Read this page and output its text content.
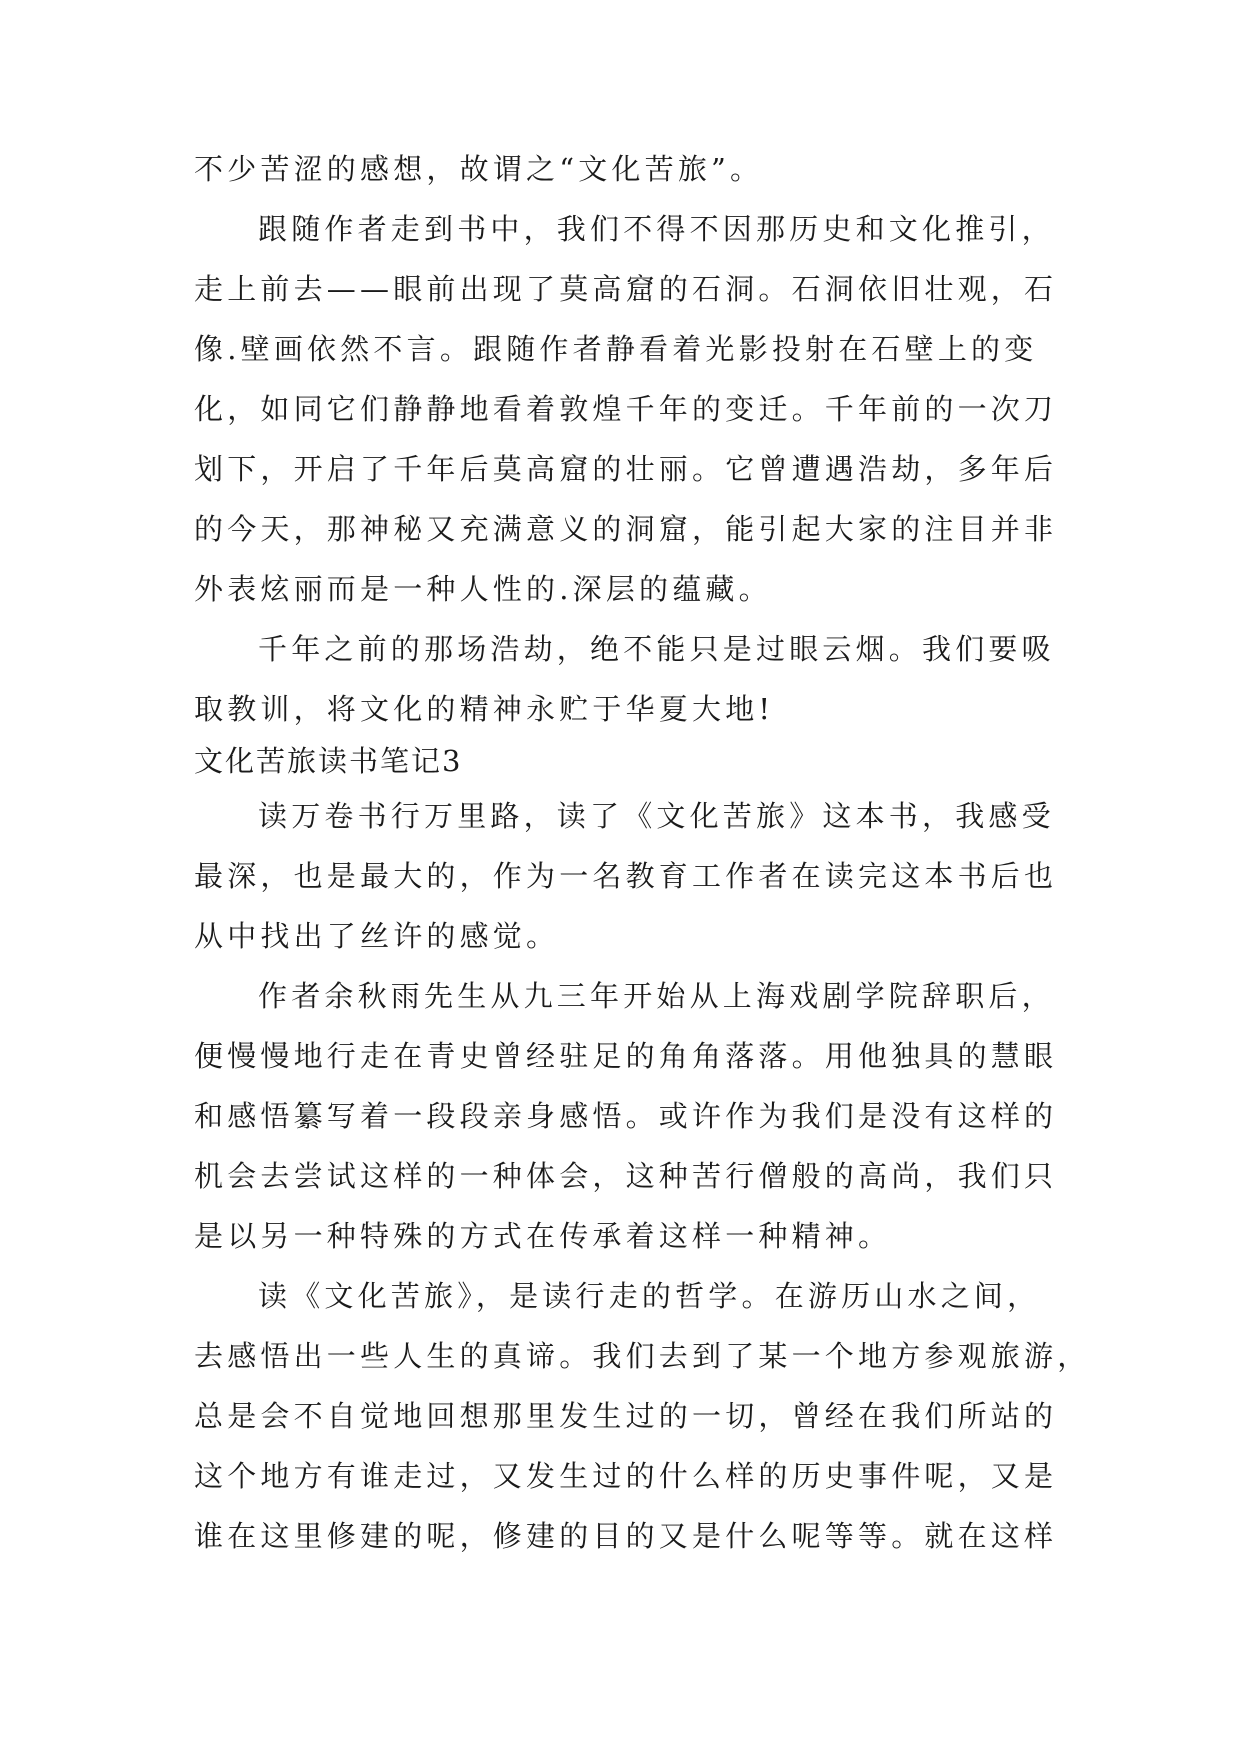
不少苦涩的感想，故谓之“文化苦旅”。
跟随作者走到书中，我们不得不因那历史和文化推引，
走上前去——眼前出现了莫高窟的石洞。石洞依旧壮观，石
像.壁画依然不言。跟随作者静看着光影投射在石壁上的变
化，如同它们静静地看着敦煌千年的变迁。千年前的一次刀
划下，开启了千年后莫高窟的壮丽。它曾遭遇浩劫，多年后
的今天，那神秘又充满意义的洞窟，能引起大家的注目并非
外表炫丽而是一种人性的.深层的蕴藏。
千年之前的那场浩劫，绝不能只是过眼云烟。我们要吸
取教训，将文化的精神永贮于华夏大地!
文化苦旅读书笔记3
读万卷书行万里路，读了《文化苦旅》这本书，我感受
最深，也是最大的，作为一名教育工作者在读完这本书后也
从中找出了丝许的感觉。
作者余秋雨先生从九三年开始从上海戏剧学院辞职后，
便慢慢地行走在青史曾经驻足的角角落落。用他独具的慧眼
和感悟纂写着一段段亲身感悟。或许作为我们是没有这样的
机会去尝试这样的一种体会，这种苦行僧般的高尚，我们只
是以另一种特殊的方式在传承着这样一种精神。
读《文化苦旅》，是读行走的哲学。在游历山水之间，
去感悟出一些人生的真谛。我们去到了某一个地方参观旅游，
总是会不自觉地回想那里发生过的一切，曾经在我们所站的
这个地方有谁走过，又发生过的什么样的历史事件呢，又是
谁在这里修建的呢，修建的目的又是什么呢等等。就在这样
